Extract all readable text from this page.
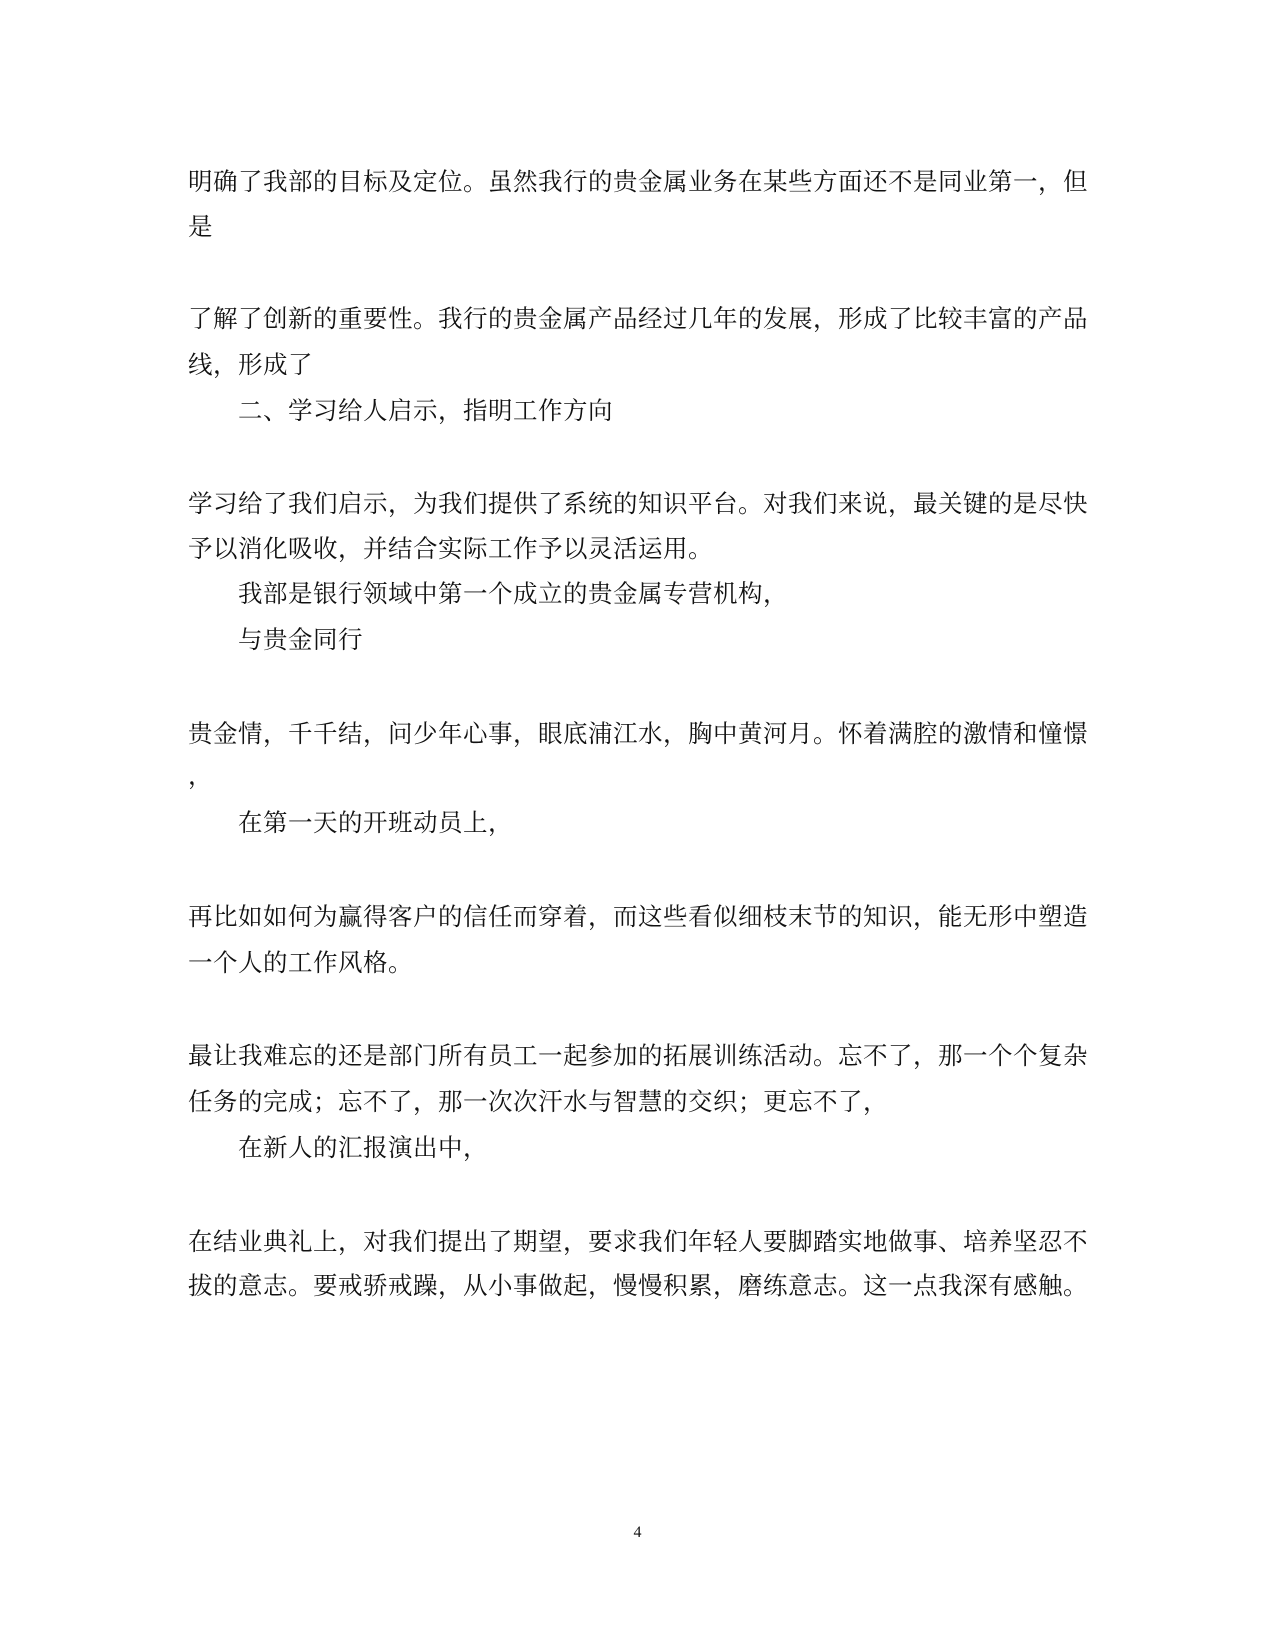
明确了我部的目标及定位。虽然我行的贵金属业务在某些方面还不是同业第一，但
是
了解了创新的重要性。我行的贵金属产品经过几年的发展，形成了比较丰富的产品
线，形成了
二、学习给人启示，指明工作方向
学习给了我们启示，为我们提供了系统的知识平台。对我们来说，最关键的是尽快
予以消化吸收，并结合实际工作予以灵活运用。
我部是银行领域中第一个成立的贵金属专营机构，
与贵金同行
贵金情，千千结，问少年心事，眼底浦江水，胸中黄河月。怀着满腔的激情和憧憬
，
在第一天的开班动员上，
再比如如何为赢得客户的信任而穿着，而这些看似细枝末节的知识，能无形中塑造
一个人的工作风格。
最让我难忘的还是部门所有员工一起参加的拓展训练活动。忘不了，那一个个复杂
任务的完成；忘不了，那一次次汗水与智慧的交织；更忘不了，
在新人的汇报演出中，
在结业典礼上，对我们提出了期望，要求我们年轻人要脚踏实地做事、培养坚忍不
拔的意志。要戒骄戒躁，从小事做起，慢慢积累，磨练意志。这一点我深有感触。
4
